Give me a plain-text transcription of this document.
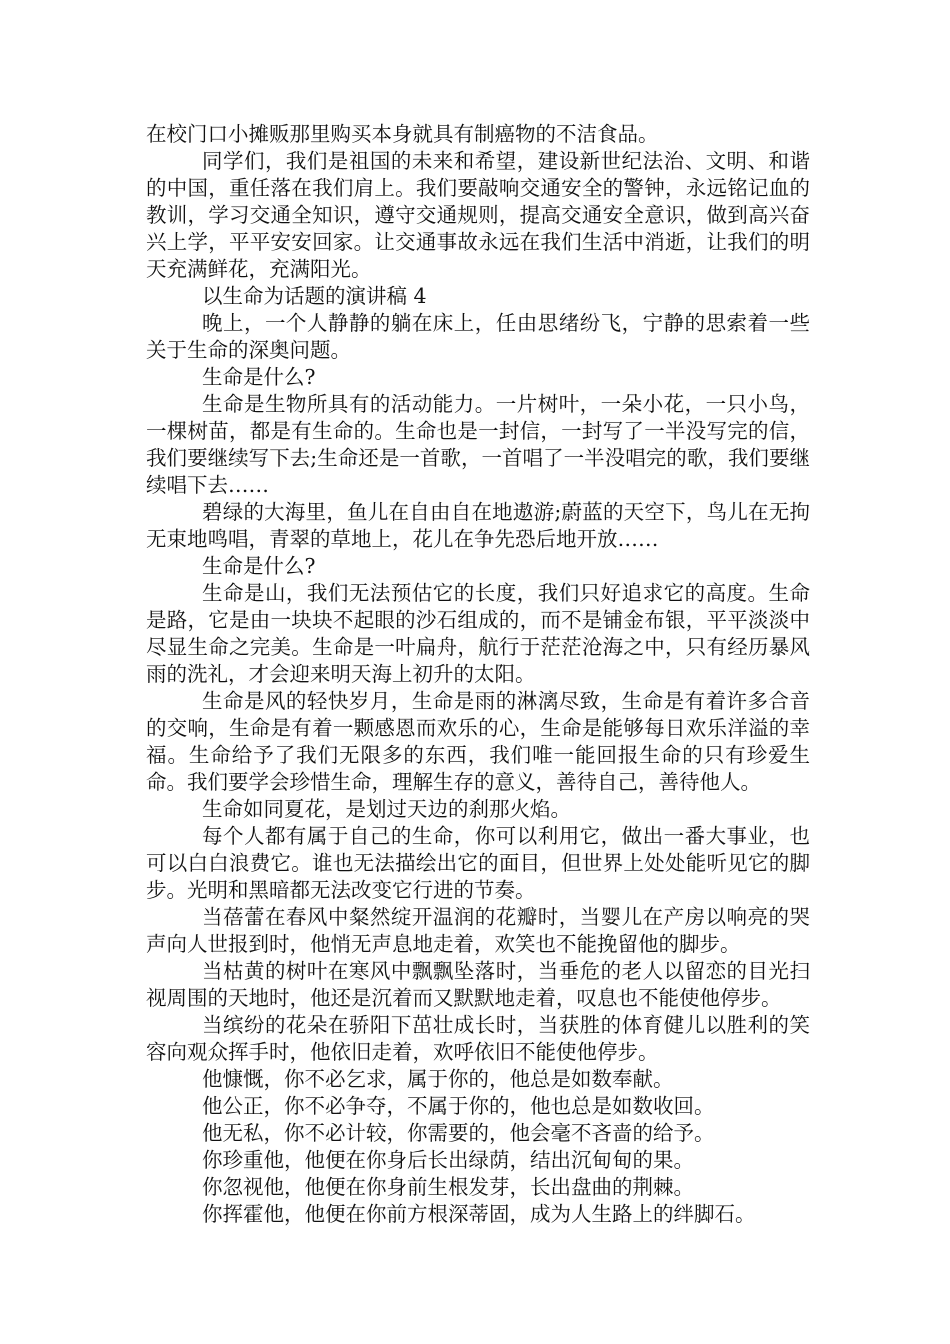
在校门口小摊贩那里购买本身就具有制癌物的不洁食品。

同学们，我们是祖国的未来和希望，建设新世纪法治、文明、和谐的中国，重任落在我们肩上。我们要敲响交通安全的警钟，永远铭记血的教训，学习交通全知识，遵守交通规则，提高交通安全意识，做到高兴奋兴上学，平平安安回家。让交通事故永远在我们生活中消逝，让我们的明天充满鲜花，充满阳光。

以生命为话题的演讲稿 4

晚上，一个人静静的躺在床上，任由思绪纷飞，宁静的思索着一些关于生命的深奥问题。

生命是什么?

生命是生物所具有的活动能力。一片树叶，一朵小花，一只小鸟，一棵树苗，都是有生命的。生命也是一封信，一封写了一半没写完的信，我们要继续写下去;生命还是一首歌，一首唱了一半没唱完的歌，我们要继续唱下去……

碧绿的大海里，鱼儿在自由自在地遨游;蔚蓝的天空下，鸟儿在无拘无束地鸣唱，青翠的草地上，花儿在争先恐后地开放……

生命是什么?

生命是山，我们无法预估它的长度，我们只好追求它的高度。生命是路，它是由一块块不起眼的沙石组成的，而不是铺金布银，平平淡淡中尽显生命之完美。生命是一叶扁舟，航行于茫茫沧海之中，只有经历暴风雨的洗礼，才会迎来明天海上初升的太阳。

生命是风的轻快岁月，生命是雨的淋漓尽致，生命是有着许多合音的交响，生命是有着一颗感恩而欢乐的心，生命是能够每日欢乐洋溢的幸福。生命给予了我们无限多的东西，我们唯一能回报生命的只有珍爱生命。我们要学会珍惜生命，理解生存的意义，善待自己，善待他人。

生命如同夏花，是划过天边的刹那火焰。

每个人都有属于自己的生命，你可以利用它，做出一番大事业，也可以白白浪费它。谁也无法描绘出它的面目，但世界上处处能听见它的脚步。光明和黑暗都无法改变它行进的节奏。

当蓓蕾在春风中粲然绽开温润的花瓣时，当婴儿在产房以响亮的哭声向人世报到时，他悄无声息地走着，欢笑也不能挽留他的脚步。

当枯黄的树叶在寒风中飘飘坠落时，当垂危的老人以留恋的目光扫视周围的天地时，他还是沉着而又默默地走着，叹息也不能使他停步。

当缤纷的花朵在骄阳下茁壮成长时，当获胜的体育健儿以胜利的笑容向观众挥手时，他依旧走着，欢呼依旧不能使他停步。

他慷慨，你不必乞求，属于你的，他总是如数奉献。

他公正，你不必争夺，不属于你的，他也总是如数收回。

他无私，你不必计较，你需要的，他会毫不吝啬的给予。

你珍重他，他便在你身后长出绿荫，结出沉甸甸的果。

你忽视他，他便在你身前生根发芽，长出盘曲的荆棘。

你挥霍他，他便在你前方根深蒂固，成为人生路上的绊脚石。
